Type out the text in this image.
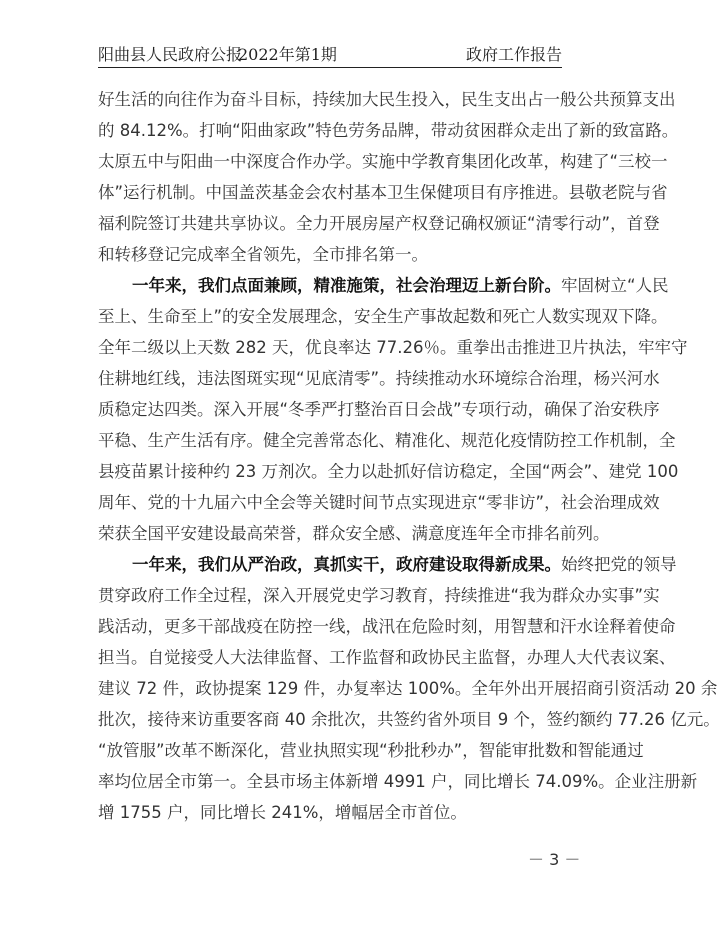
阳曲县人民政府公报
2022年第1期	政府工作报告
好生活的向往作为奋斗目标，持续加大民生投入，民生支出占一般公共预算支出
的 84.12%。打响“阳曲家政”特色劳务品牌，带动贫困群众走出了新的致富路。
太原五中与阳曲一中深度合作办学。实施中学教育集团化改革，构建了“三校一
体”运行机制。中国盖茨基金会农村基本卫生保健项目有序推进。县敬老院与省
福利院签订共建共享协议。全力开展房屋产权登记确权颁证“清零行动”，首登
和转移登记完成率全省领先，全市排名第一。
一年来，我们点面兼顾，精准施策，社会治理迈上新台阶。牢固树立“人民
至上、生命至上”的安全发展理念，安全生产事故起数和死亡人数实现双下降。
全年二级以上天数 282 天，优良率达 77.26％。重拳出击推进卫片执法，牢牢守
住耕地红线，违法图斑实现“见底清零”。持续推动水环境综合治理，杨兴河水
质稳定达四类。深入开展“冬季严打整治百日会战”专项行动，确保了治安秩序
平稳、生产生活有序。健全完善常态化、精准化、规范化疫情防控工作机制，全
县疫苗累计接种约 23 万剂次。全力以赴抓好信访稳定，全国“两会”、建党 100
周年、党的十九届六中全会等关键时间节点实现进京“零非访”，社会治理成效
荣获全国平安建设最高荣誉，群众安全感、满意度连年全市排名前列。
一年来，我们从严治政，真抓实干，政府建设取得新成果。始终把党的领导
贯穿政府工作全过程，深入开展党史学习教育，持续推进“我为群众办实事”实
践活动，更多干部战疫在防控一线，战汛在危险时刻，用智慧和汗水诠释着使命
担当。自觉接受人大法律监督、工作监督和政协民主监督，办理人大代表议案、
建议 72 件，政协提案 129 件，办复率达 100%。全年外出开展招商引资活动 20 余
批次，接待来访重要客商 40 余批次，共签约省外项目 9 个，签约额约 77.26 亿元。
“放管服”改革不断深化，营业执照实现“秒批秒办”，智能审批数和智能通过
率均位居全市第一。全县市场主体新增 4991 户，同比增长 74.09%。企业注册新
增 1755 户，同比增长 241%，增幅居全市首位。
－ 3 －
